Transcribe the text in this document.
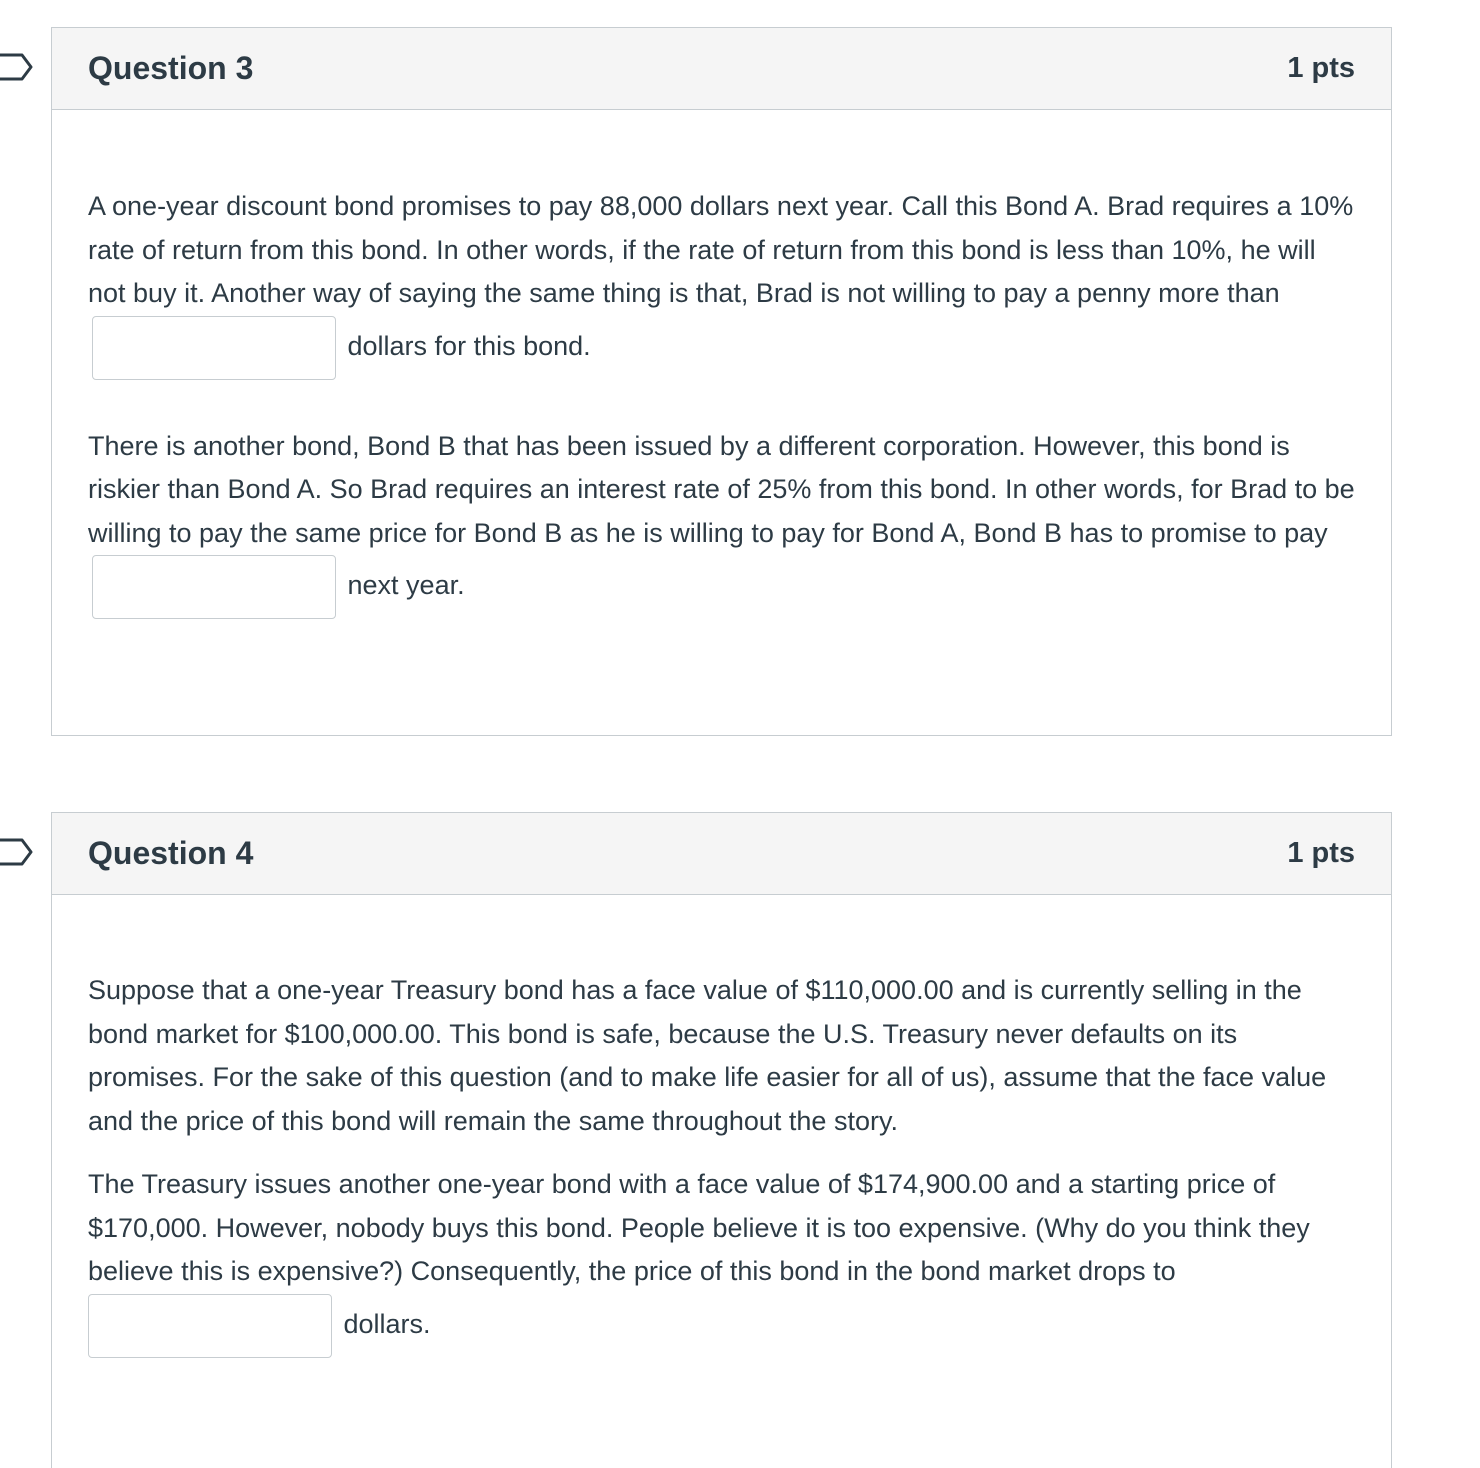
Question 3	1 pts

A one-year discount bond promises to pay 88,000 dollars next year. Call this Bond A. Brad requires a 10% rate of return from this bond. In other words, if the rate of return from this bond is less than 10%, he will not buy it. Another way of saying the same thing is that, Brad is not willing to pay a penny more than  dollars for this bond.

There is another bond, Bond B that has been issued by a different corporation. However, this bond is riskier than Bond A. So Brad requires an interest rate of 25% from this bond. In other words, for Brad to be willing to pay the same price for Bond B as he is willing to pay for Bond A, Bond B has to promise to pay  next year.

Question 4	1 pts

Suppose that a one-year Treasury bond has a face value of $110,000.00 and is currently selling in the bond market for $100,000.00. This bond is safe, because the U.S. Treasury never defaults on its promises. For the sake of this question (and to make life easier for all of us), assume that the face value and the price of this bond will remain the same throughout the story.

The Treasury issues another one-year bond with a face value of $174,900.00 and a starting price of $170,000. However, nobody buys this bond. People believe it is too expensive. (Why do you think they believe this is expensive?) Consequently, the price of this bond in the bond market drops to  dollars.
